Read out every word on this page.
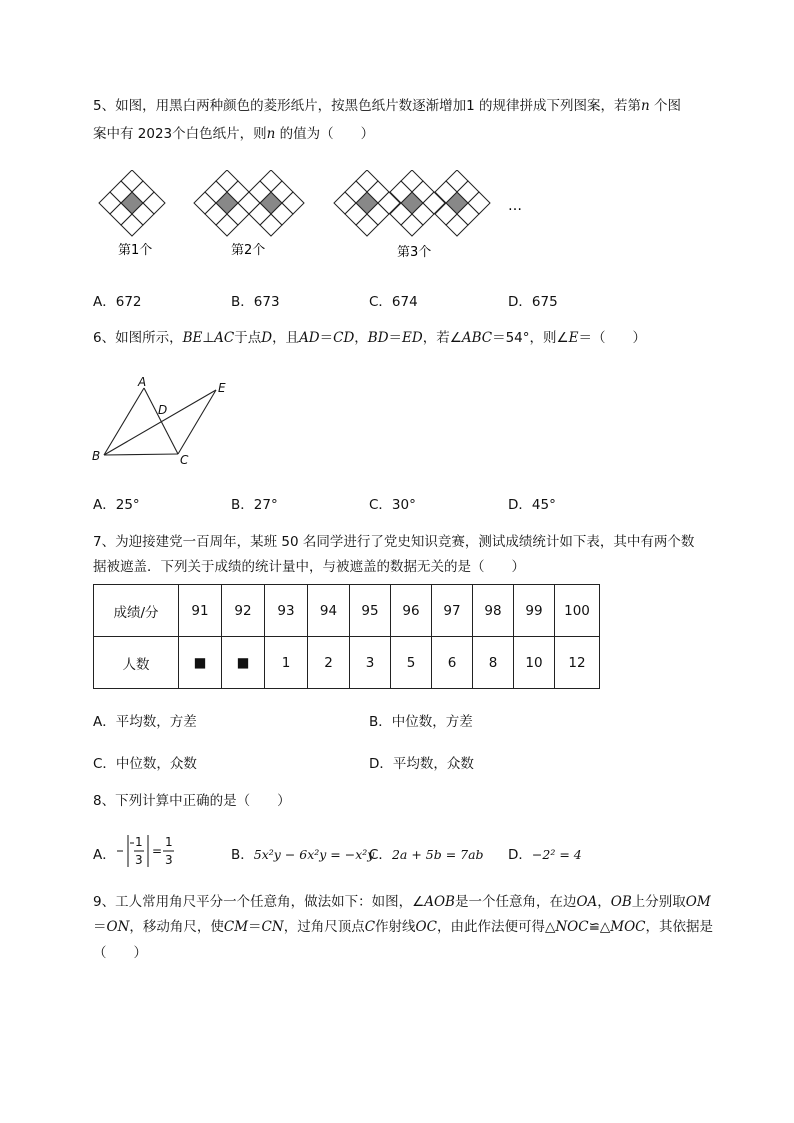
5、如图，用黑白两种颜色的菱形纸片，按黑色纸片数逐渐增加1 的规律拼成下列图案，若第n 个图
案中有 2023个白色纸片，则n 的值为（　　）
…
第1个	第2个	第3个
A．672	B．673	C．674	D．675
6、如图所示，BE⊥AC于点D，且AD＝CD，BD＝ED，若∠ABC＝54°，则∠E＝（　　）
A
B	C
D
E
A．25°	B．27°	C．30°	D．45°
7、为迎接建党一百周年，某班 50 名同学进行了党史知识竞赛，测试成绩统计如下表，其中有两个数
据被遮盖．下列关于成绩的统计量中，与被遮盖的数据无关的是（　　）
成绩/分	91	92	93	94	95	96	97	98	99	100
人数	■	■	1	2	3	5	6	8	10	12
A．平均数，方差	B．中位数，方差
C．中位数，众数	D．平均数，众数
8、下列计算中正确的是（　　）
A．
1
3
=
1
3	B．5x²y − 6x²y = −x²y
C．2a + 5b = 7ab D．−2² = 4
9、工人常用角尺平分一个任意角，做法如下：如图，∠AOB是一个任意角，在边OA，OB上分别取OM
＝ON，移动角尺，使CM＝CN，过角尺顶点C作射线OC，由此作法便可得△NOC≌△MOC，其依据是
（　　）
